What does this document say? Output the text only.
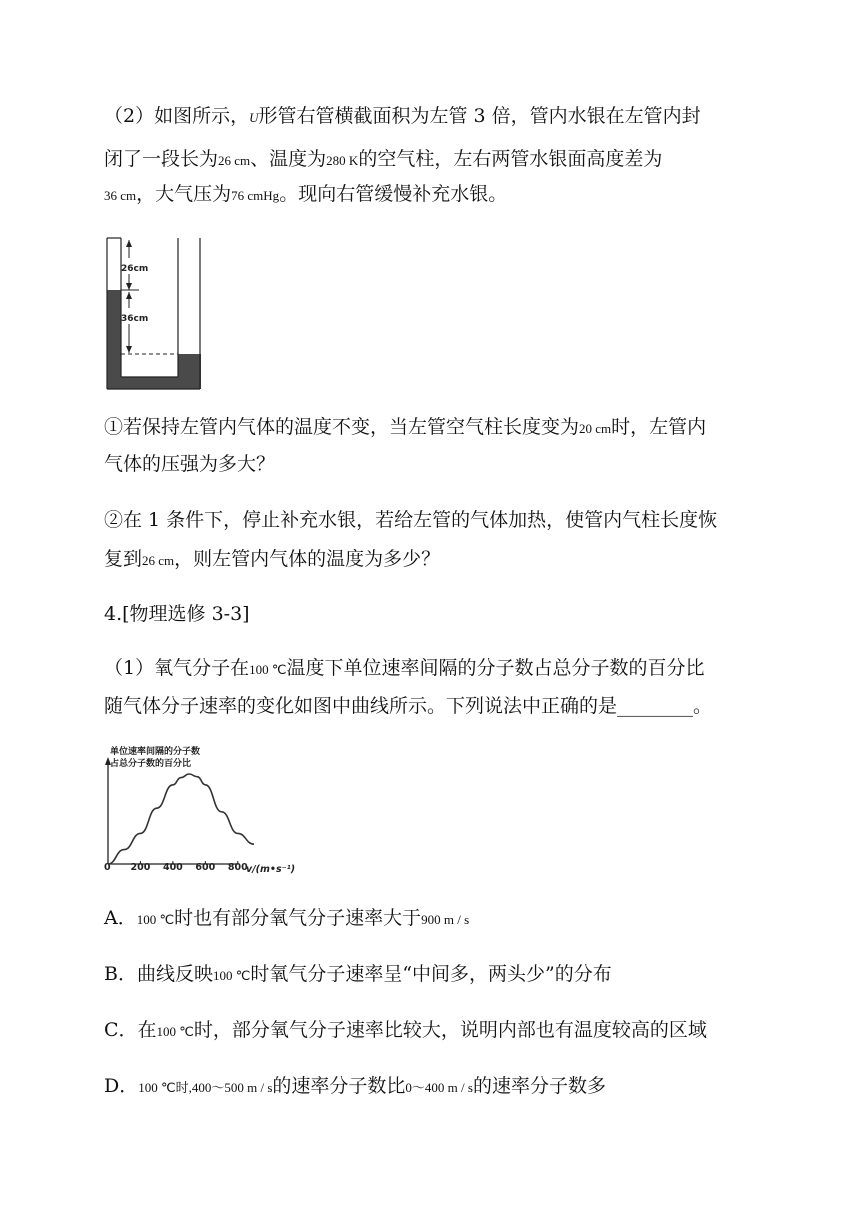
（2）如图所示，U形管右管横截面积为左管 3 倍，管内水银在左管内封
闭了一段长为26 cm、温度为280 K的空气柱，左右两管水银面高度差为
36 cm，大气压为76 cmHg。现向右管缓慢补充水银。
26cm
36cm
①若保持左管内气体的温度不变，当左管空气柱长度变为20 cm时，左管内
气体的压强为多大？
②在 1 条件下，停止补充水银，若给左管的气体加热，使管内气柱长度恢
复到26 cm，则左管内气体的温度为多少？
4.[物理选修 3-3]
（1）氧气分子在100 ℃温度下单位速率间隔的分子数占总分子数的百分比
随气体分子速率的变化如图中曲线所示。下列说法中正确的是________。
单位速率间隔的分子数
占总分子数的百分比
0	v/(m•s⁻¹)
200 400 600 800
A．100 ℃时也有部分氧气分子速率大于900 m / s
B．曲线反映100 ℃时氧气分子速率呈“中间多，两头少”的分布
C．在100 ℃时，部分氧气分子速率比较大，说明内部也有温度较高的区域
D．100 ℃时,400～500 m / s的速率分子数比0～400 m / s的速率分子数多
